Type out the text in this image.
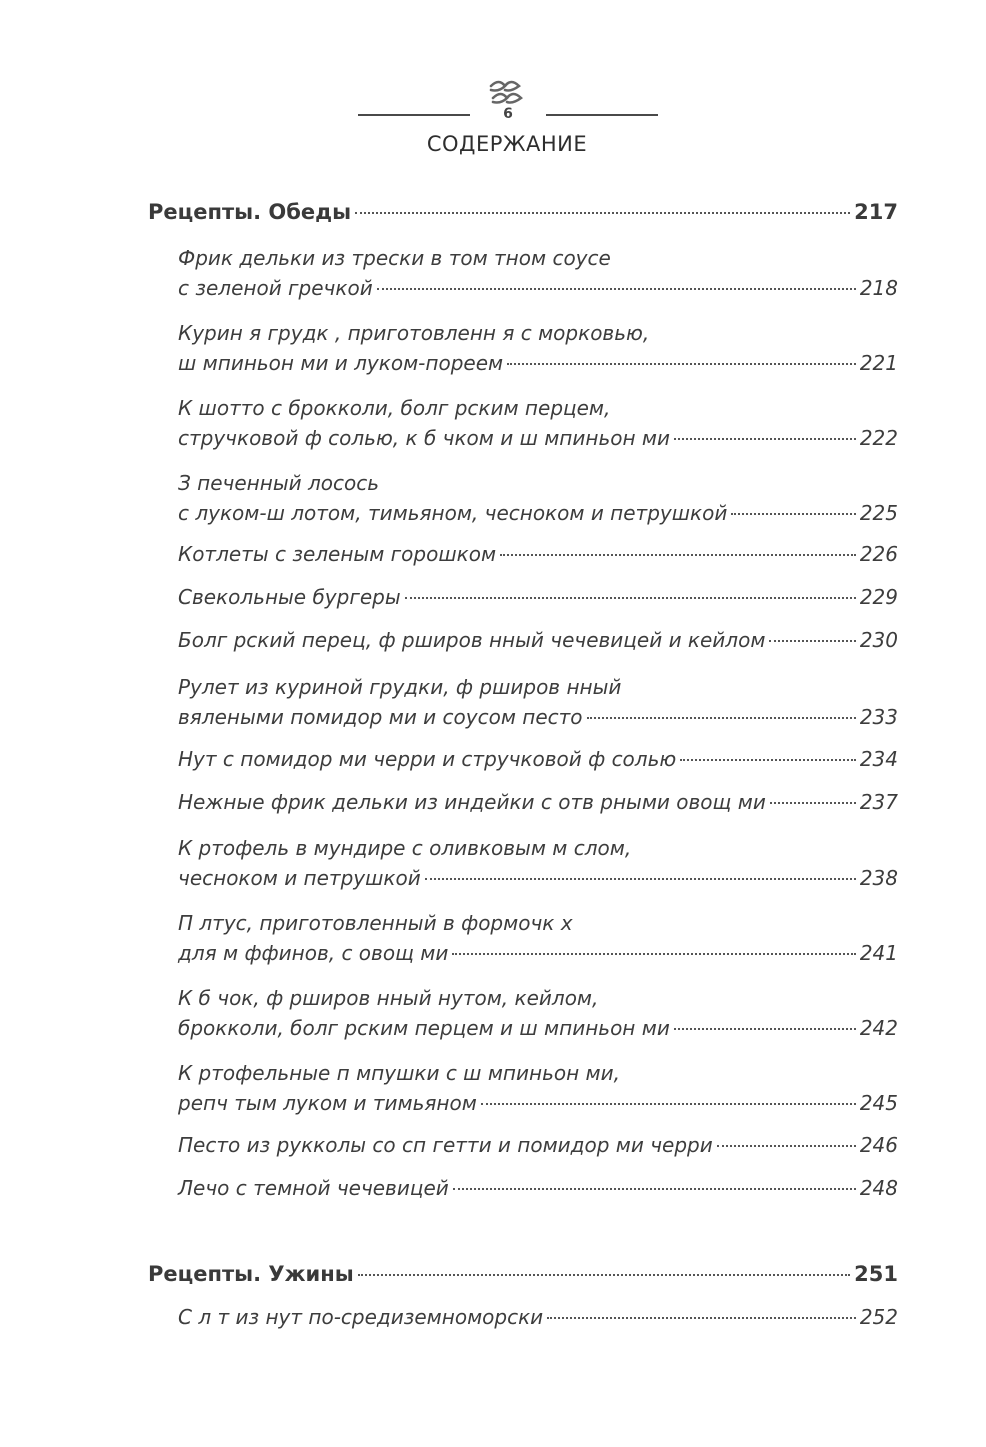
6
СОДЕРЖАНИЕ
Рецепты. Обеды	217
Фрик дельки из трески в том тном соусе
с зеленой гречкой	218
Курин я грудк , приготовленн я с морковью,
ш мпиньон ми и луком-пореем	221
К шотто с брокколи, болг рским перцем,
стручковой ф солью, к б чком и ш мпиньон ми	222
З печенный лосось
с луком-ш лотом, тимьяном, чесноком и петрушкой	225
Котлеты с зеленым горошком	226
Свекольные бургеры	229
Болг рский перец, ф рширов нный чечевицей и кейлом	230
Рулет из куриной грудки, ф рширов нный
вялеными помидор ми и соусом песто	233
Нут с помидор ми черри и стручковой ф солью	234
Нежные фрик дельки из индейки с отв рными овощ ми	237
К ртофель в мундире с оливковым м слом,
чесноком и петрушкой	238
П лтус, приготовленный в формочк х
для м ффинов, с овощ ми	241
К б чок, ф рширов нный нутом, кейлом,
брокколи, болг рским перцем и ш мпиньон ми	242
К ртофельные п мпушки с ш мпиньон ми,
репч тым луком и тимьяном	245
Песто из рукколы со сп гетти и помидор ми черри	246
Лечо с темной чечевицей	248
Рецепты. Ужины	251
С л т из нут по-средиземноморски	252
